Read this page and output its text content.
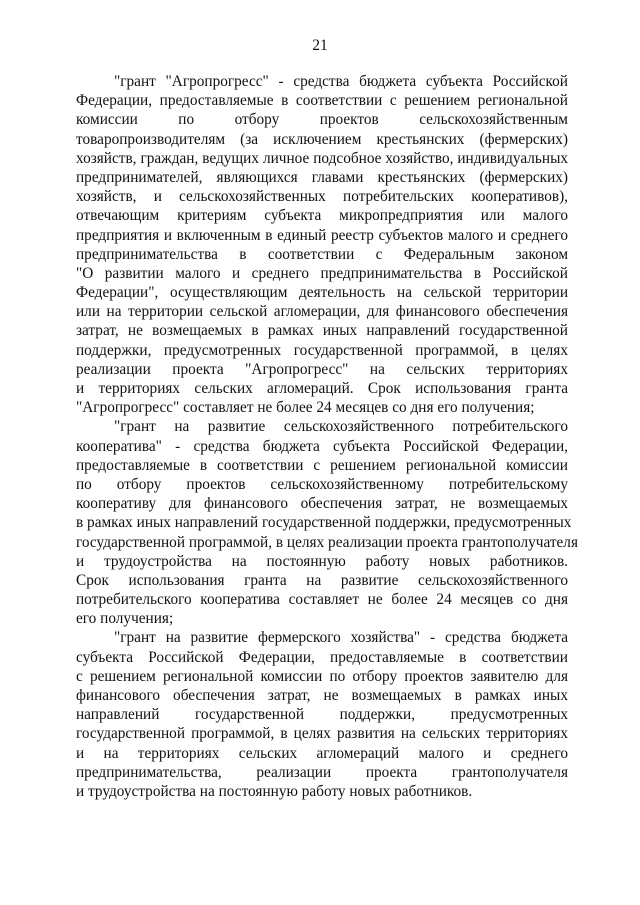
21
"грант "Агропрогресс" - средства бюджета субъекта Российской
Федерации, предоставляемые в соответствии с решением региональной
комиссии по отбору проектов сельскохозяйственным
товаропроизводителям (за исключением крестьянских (фермерских)
хозяйств, граждан, ведущих личное подсобное хозяйство, индивидуальных
предпринимателей, являющихся главами крестьянских (фермерских)
хозяйств, и сельскохозяйственных потребительских кооперативов),
отвечающим критериям субъекта микропредприятия или малого
предприятия и включенным в единый реестр субъектов малого и среднего
предпринимательства в соответствии с Федеральным законом
"О развитии малого и среднего предпринимательства в Российской
Федерации", осуществляющим деятельность на сельской территории
или на территории сельской агломерации, для финансового обеспечения
затрат, не возмещаемых в рамках иных направлений государственной
поддержки, предусмотренных государственной программой, в целях
реализации проекта "Агропрогресс" на сельских территориях
и территориях сельских агломераций. Срок использования гранта
"Агропрогресс" составляет не более 24 месяцев со дня его получения;
"грант на развитие сельскохозяйственного потребительского
кооператива" - средства бюджета субъекта Российской Федерации,
предоставляемые в соответствии с решением региональной комиссии
по отбору проектов сельскохозяйственному потребительскому
кооперативу для финансового обеспечения затрат, не возмещаемых
в рамках иных направлений государственной поддержки, предусмотренных
государственной программой, в целях реализации проекта грантополучателя
и трудоустройства на постоянную работу новых работников.
Срок использования гранта на развитие сельскохозяйственного
потребительского кооператива составляет не более 24 месяцев со дня
его получения;
"грант на развитие фермерского хозяйства" - средства бюджета
субъекта Российской Федерации, предоставляемые в соответствии
с решением региональной комиссии по отбору проектов заявителю для
финансового обеспечения затрат, не возмещаемых в рамках иных
направлений государственной поддержки, предусмотренных
государственной программой, в целях развития на сельских территориях
и на территориях сельских агломераций малого и среднего
предпринимательства, реализации проекта грантополучателя
и трудоустройства на постоянную работу новых работников.
